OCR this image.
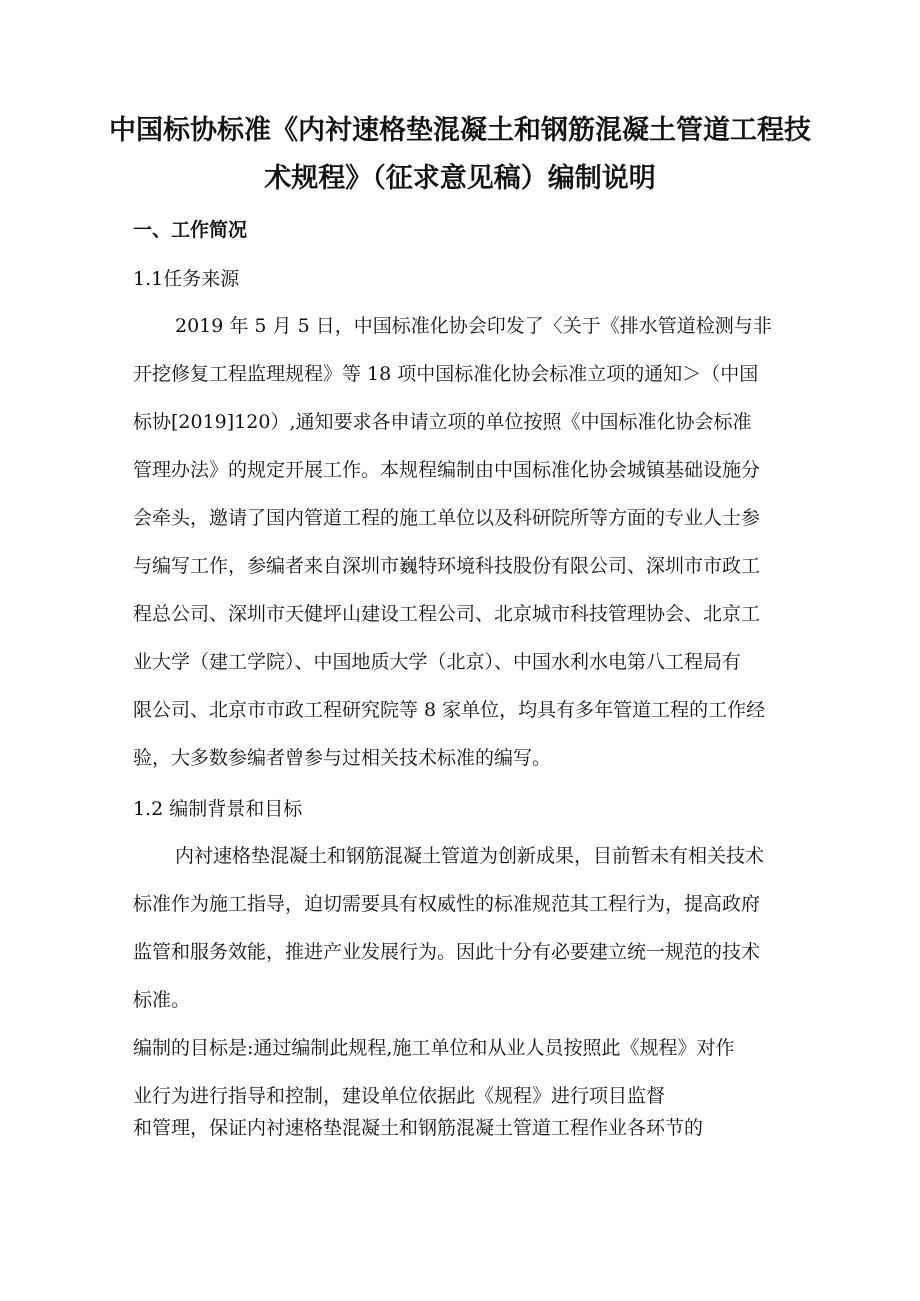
中国标协标准《内衬速格垫混凝土和钢筋混凝土管道工程技
术规程》（征求意见稿）编制说明
一、工作简况
1.1任务来源
2019 年 5 月 5 日，中国标准化协会印发了〈关于《排水管道检测与非
开挖修复工程监理规程》等 18 项中国标准化协会标准立项的通知＞（中国
标协[2019]120）,通知要求各申请立项的单位按照《中国标准化协会标准
管理办法》的规定开展工作。本规程编制由中国标准化协会城镇基础设施分
会牵头，邀请了国内管道工程的施工单位以及科研院所等方面的专业人士参
与编写工作，参编者来自深圳市巍特环境科技股份有限公司、深圳市市政工
程总公司、深圳市天健坪山建设工程公司、北京城市科技管理协会、北京工
业大学（建工学院）、中国地质大学（北京）、中国水利水电第八工程局有
限公司、北京市市政工程研究院等 8 家单位，均具有多年管道工程的工作经
验，大多数参编者曾参与过相关技术标准的编写。
1.2 编制背景和目标
内衬速格垫混凝土和钢筋混凝土管道为创新成果，目前暂未有相关技术
标准作为施工指导，迫切需要具有权威性的标准规范其工程行为，提高政府
监管和服务效能，推进产业发展行为。因此十分有必要建立统一规范的技术
标准。
编制的目标是:通过编制此规程,施工单位和从业人员按照此《规程》对作
业行为进行指导和控制，建设单位依据此《规程》进行项目监督
和管理，保证内衬速格垫混凝土和钢筋混凝土管道工程作业各环节的
